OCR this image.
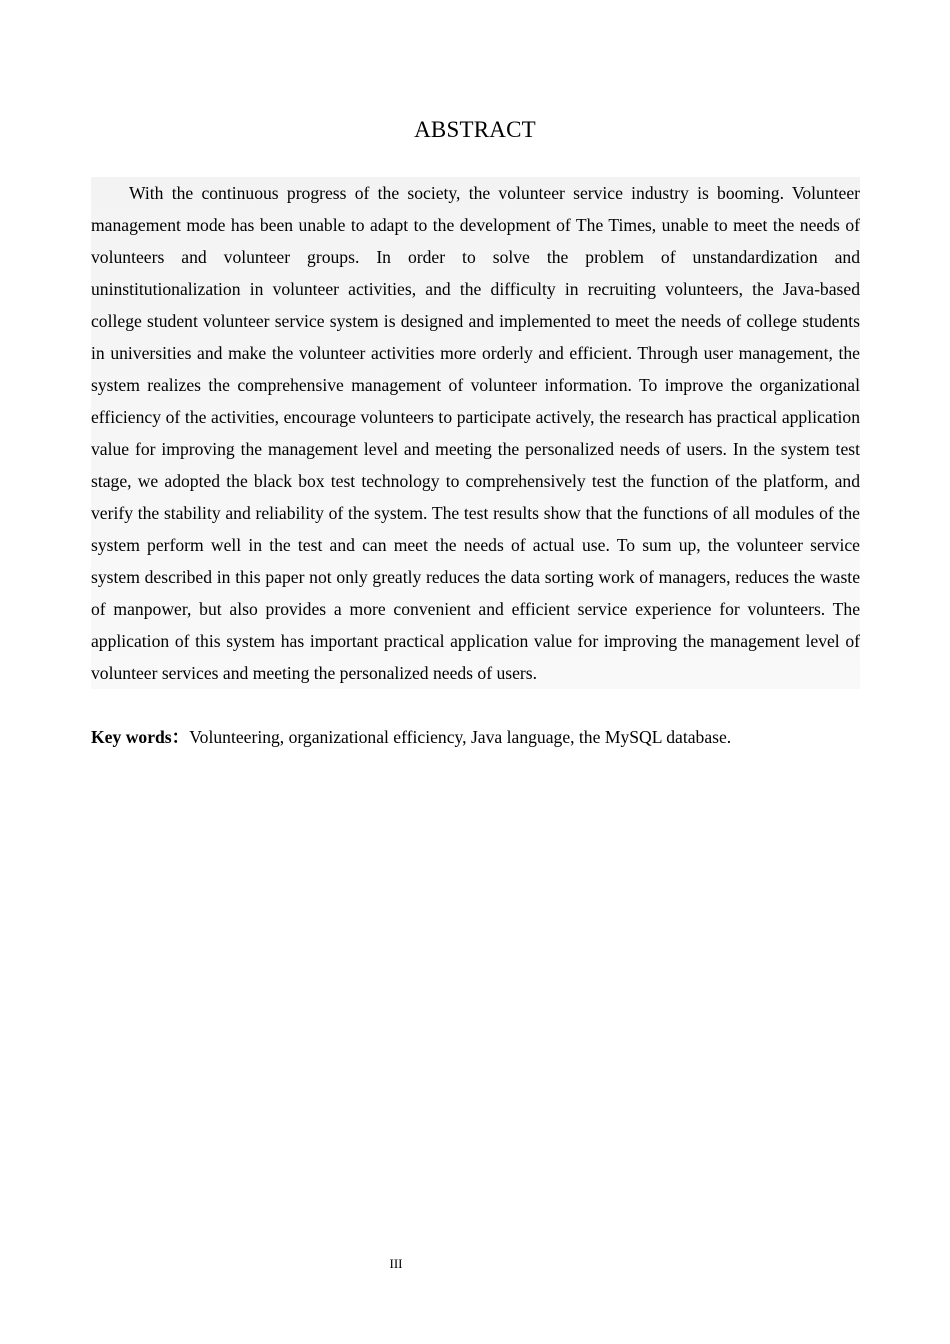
ABSTRACT

With the continuous progress of the society, the volunteer service industry is booming. Volunteer management mode has been unable to adapt to the development of The Times, unable to meet the needs of volunteers and volunteer groups. In order to solve the problem of unstandardization and uninstitutionalization in volunteer activities, and the difficulty in recruiting volunteers, the Java-based college student volunteer service system is designed and implemented to meet the needs of college students in universities and make the volunteer activities more orderly and efficient. Through user management, the system realizes the comprehensive management of volunteer information. To improve the organizational efficiency of the activities, encourage volunteers to participate actively, the research has practical application value for improving the management level and meeting the personalized needs of users. In the system test stage, we adopted the black box test technology to comprehensively test the function of the platform, and verify the stability and reliability of the system. The test results show that the functions of all modules of the system perform well in the test and can meet the needs of actual use. To sum up, the volunteer service system described in this paper not only greatly reduces the data sorting work of managers, reduces the waste of manpower, but also provides a more convenient and efficient service experience for volunteers. The application of this system has important practical application value for improving the management level of volunteer services and meeting the personalized needs of users.

Key words：Volunteering, organizational efficiency, Java language, the MySQL database.

III
